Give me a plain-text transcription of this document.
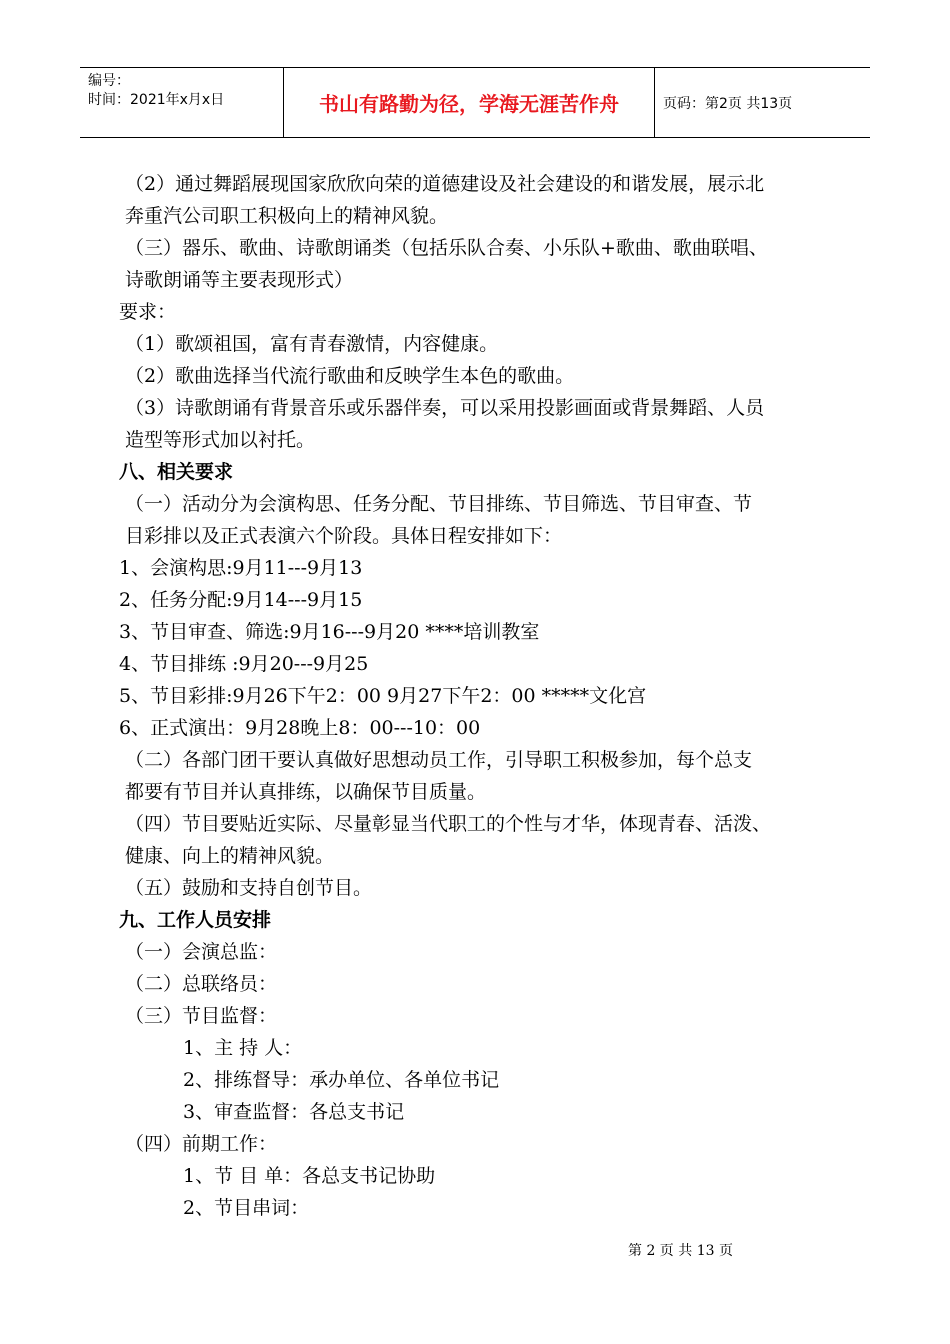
编号：
时间：2021年x月x日	书山有路勤为径，学海无涯苦作舟	页码：第2页 共13页
（2）通过舞蹈展现国家欣欣向荣的道德建设及社会建设的和谐发展，展示北
奔重汽公司职工积极向上的精神风貌。
（三）器乐、歌曲、诗歌朗诵类（包括乐队合奏、小乐队+歌曲、歌曲联唱、
诗歌朗诵等主要表现形式）
要求：
（1）歌颂祖国，富有青春激情，内容健康。
（2）歌曲选择当代流行歌曲和反映学生本色的歌曲。
（3）诗歌朗诵有背景音乐或乐器伴奏，可以采用投影画面或背景舞蹈、人员
造型等形式加以衬托。
八、相关要求
（一）活动分为会演构思、任务分配、节目排练、节目筛选、节目审查、节
目彩排以及正式表演六个阶段。具体日程安排如下：
1、会演构思:9月11---9月13
2、任务分配:9月14---9月15
3、节目审查、筛选:9月16---9月20 ****培训教室
4、节目排练 :9月20---9月25
5、节目彩排:9月26下午2：00 9月27下午2：00 *****文化宫
6、正式演出：9月28晚上8：00---10：00
（二）各部门团干要认真做好思想动员工作，引导职工积极参加，每个总支
都要有节目并认真排练，以确保节目质量。
（四）节目要贴近实际、尽量彰显当代职工的个性与才华，体现青春、活泼、
健康、向上的精神风貌。
（五）鼓励和支持自创节目。
九、工作人员安排
（一）会演总监：
（二）总联络员：
（三）节目监督：
1、主 持 人：
2、排练督导：承办单位、各单位书记
3、审查监督：各总支书记
（四）前期工作：
1、节 目 单：各总支书记协助
2、节目串词：
第 2 页 共 13 页
